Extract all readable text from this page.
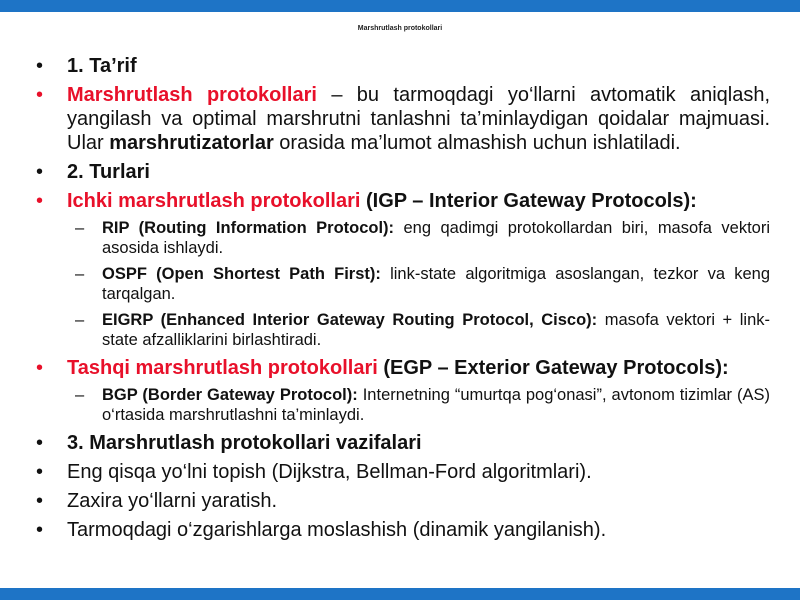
Marshrutlash protokollari
• 1. Ta’rif
• Marshrutlash protokollari – bu tarmoqdagi yo‘llarni avtomatik aniqlash, yangilash va optimal marshrutni tanlashni ta’minlaydigan qoidalar majmuasi. Ular marshrutizatorlar orasida ma’lumot almashish uchun ishlatiladi.
• 2. Turlari
• Ichki marshrutlash protokollari (IGP – Interior Gateway Protocols):
– RIP (Routing Information Protocol): eng qadimgi protokollardan biri, masofa vektori asosida ishlaydi.
– OSPF (Open Shortest Path First): link-state algoritmiga asoslangan, tezkor va keng tarqalgan.
– EIGRP (Enhanced Interior Gateway Routing Protocol, Cisco): masofa vektori + link-state afzalliklarini birlashtiradi.
• Tashqi marshrutlash protokollari (EGP – Exterior Gateway Protocols):
– BGP (Border Gateway Protocol): Internetning “umurtqa pog‘onasi”, avtonom tizimlar (AS) o‘rtasida marshrutlashni ta’minlaydi.
• 3. Marshrutlash protokollari vazifalari
• Eng qisqa yo‘lni topish (Dijkstra, Bellman-Ford algoritmlari).
• Zaxira yo‘llarni yaratish.
• Tarmoqdagi o‘zgarishlarga moslashish (dinamik yangilanish).
